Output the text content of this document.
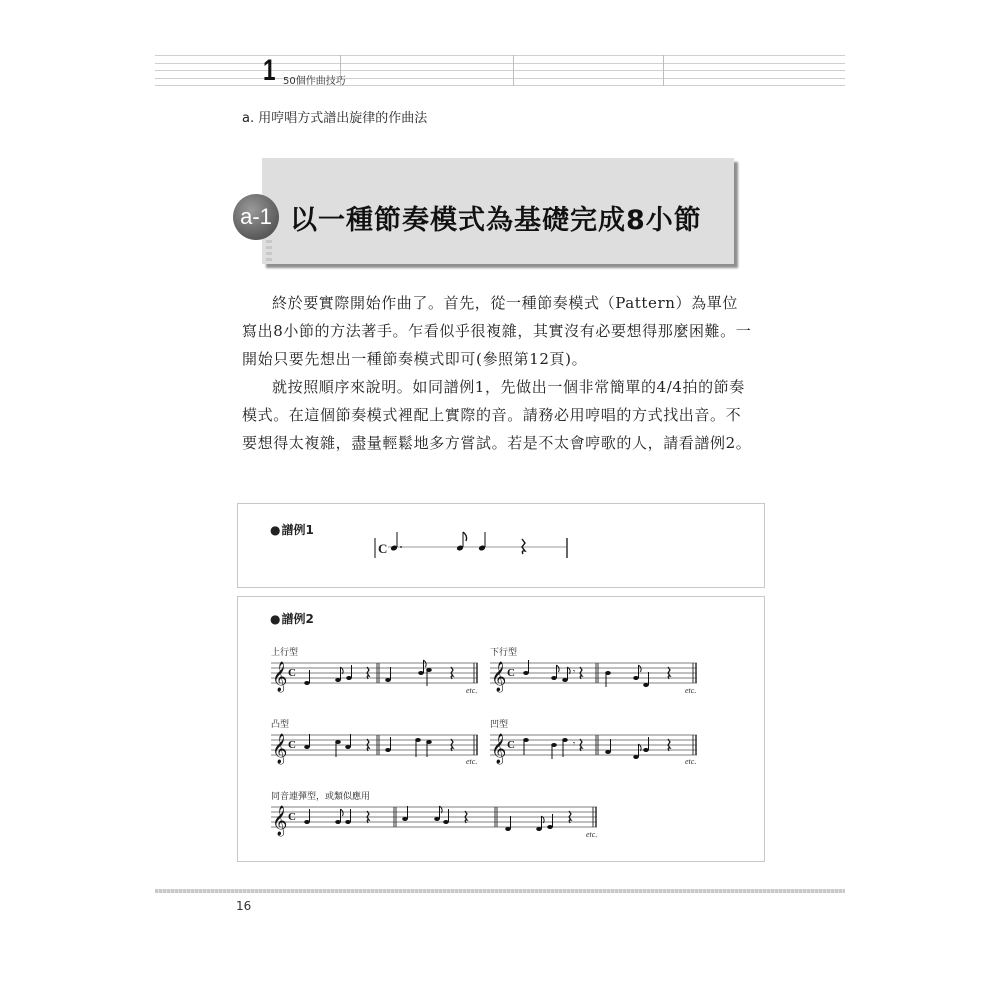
1 50個作曲技巧
a. 用哼唱方式譜出旋律的作曲法
a-1 以一種節奏模式為基礎完成8小節

終於要實際開始作曲了。首先，從一種節奏模式（Pattern）為單位寫出8小節的方法著手。乍看似乎很複雜，其實沒有必要想得那麼困難。一開始只要先想出一種節奏模式即可(參照第12頁)。

就按照順序來說明。如同譜例1，先做出一個非常簡單的4/4拍的節奏模式。在這個節奏模式裡配上實際的音。請務必用哼唱的方式找出音。不要想得太複雜，盡量輕鬆地多方嘗試。若是不太會哼歌的人，請看譜例2。

● 譜例1
C
● 譜例2
上行型
𝄞 C
etc.
下行型
𝄞 C	𝄾
etc.
凸型
𝄞 C
etc.
凹型
𝄞 C	𝄾
etc.
同音連彈型，或類似應用
𝄞 C
etc.
16
